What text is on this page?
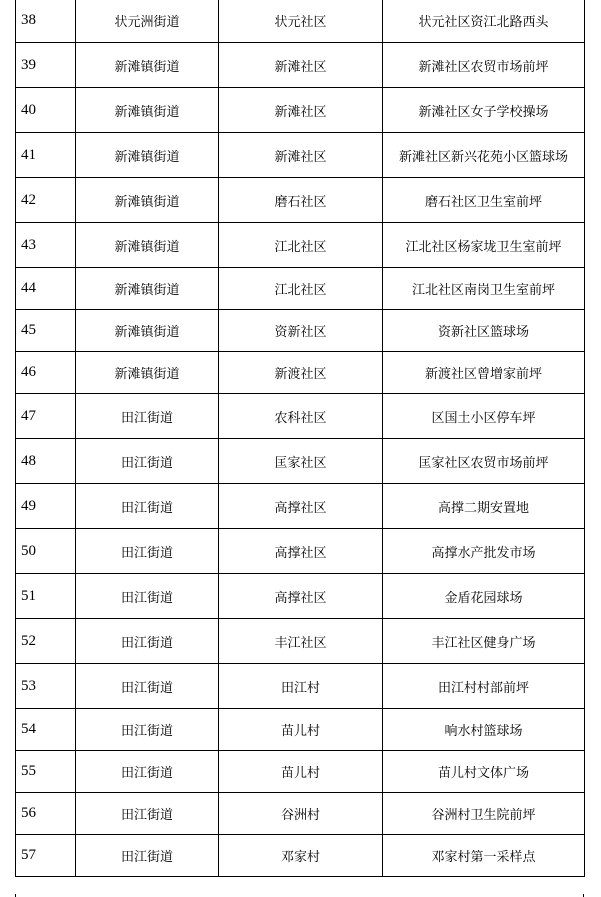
38	状元洲街道	状元社区	状元社区资江北路西头
39	新滩镇街道	新滩社区	新滩社区农贸市场前坪
40	新滩镇街道	新滩社区	新滩社区女子学校操场
41	新滩镇街道	新滩社区	新滩社区新兴花苑小区篮球场
42	新滩镇街道	磨石社区	磨石社区卫生室前坪
43	新滩镇街道	江北社区	江北社区杨家垅卫生室前坪
44	新滩镇街道	江北社区	江北社区南岗卫生室前坪
45	新滩镇街道	资新社区	资新社区篮球场
46	新滩镇街道	新渡社区	新渡社区曾增家前坪
47	田江街道	农科社区	区国土小区停车坪
48	田江街道	匡家社区	匡家社区农贸市场前坪
49	田江街道	高撑社区	高撑二期安置地
50	田江街道	高撑社区	高撑水产批发市场
51	田江街道	高撑社区	金盾花园球场
52	田江街道	丰江社区	丰江社区健身广场
53	田江街道	田江村	田江村村部前坪
54	田江街道	苗儿村	响水村篮球场
55	田江街道	苗儿村	苗儿村文体广场
56	田江街道	谷洲村	谷洲村卫生院前坪
57	田江街道	邓家村	邓家村第一采样点
